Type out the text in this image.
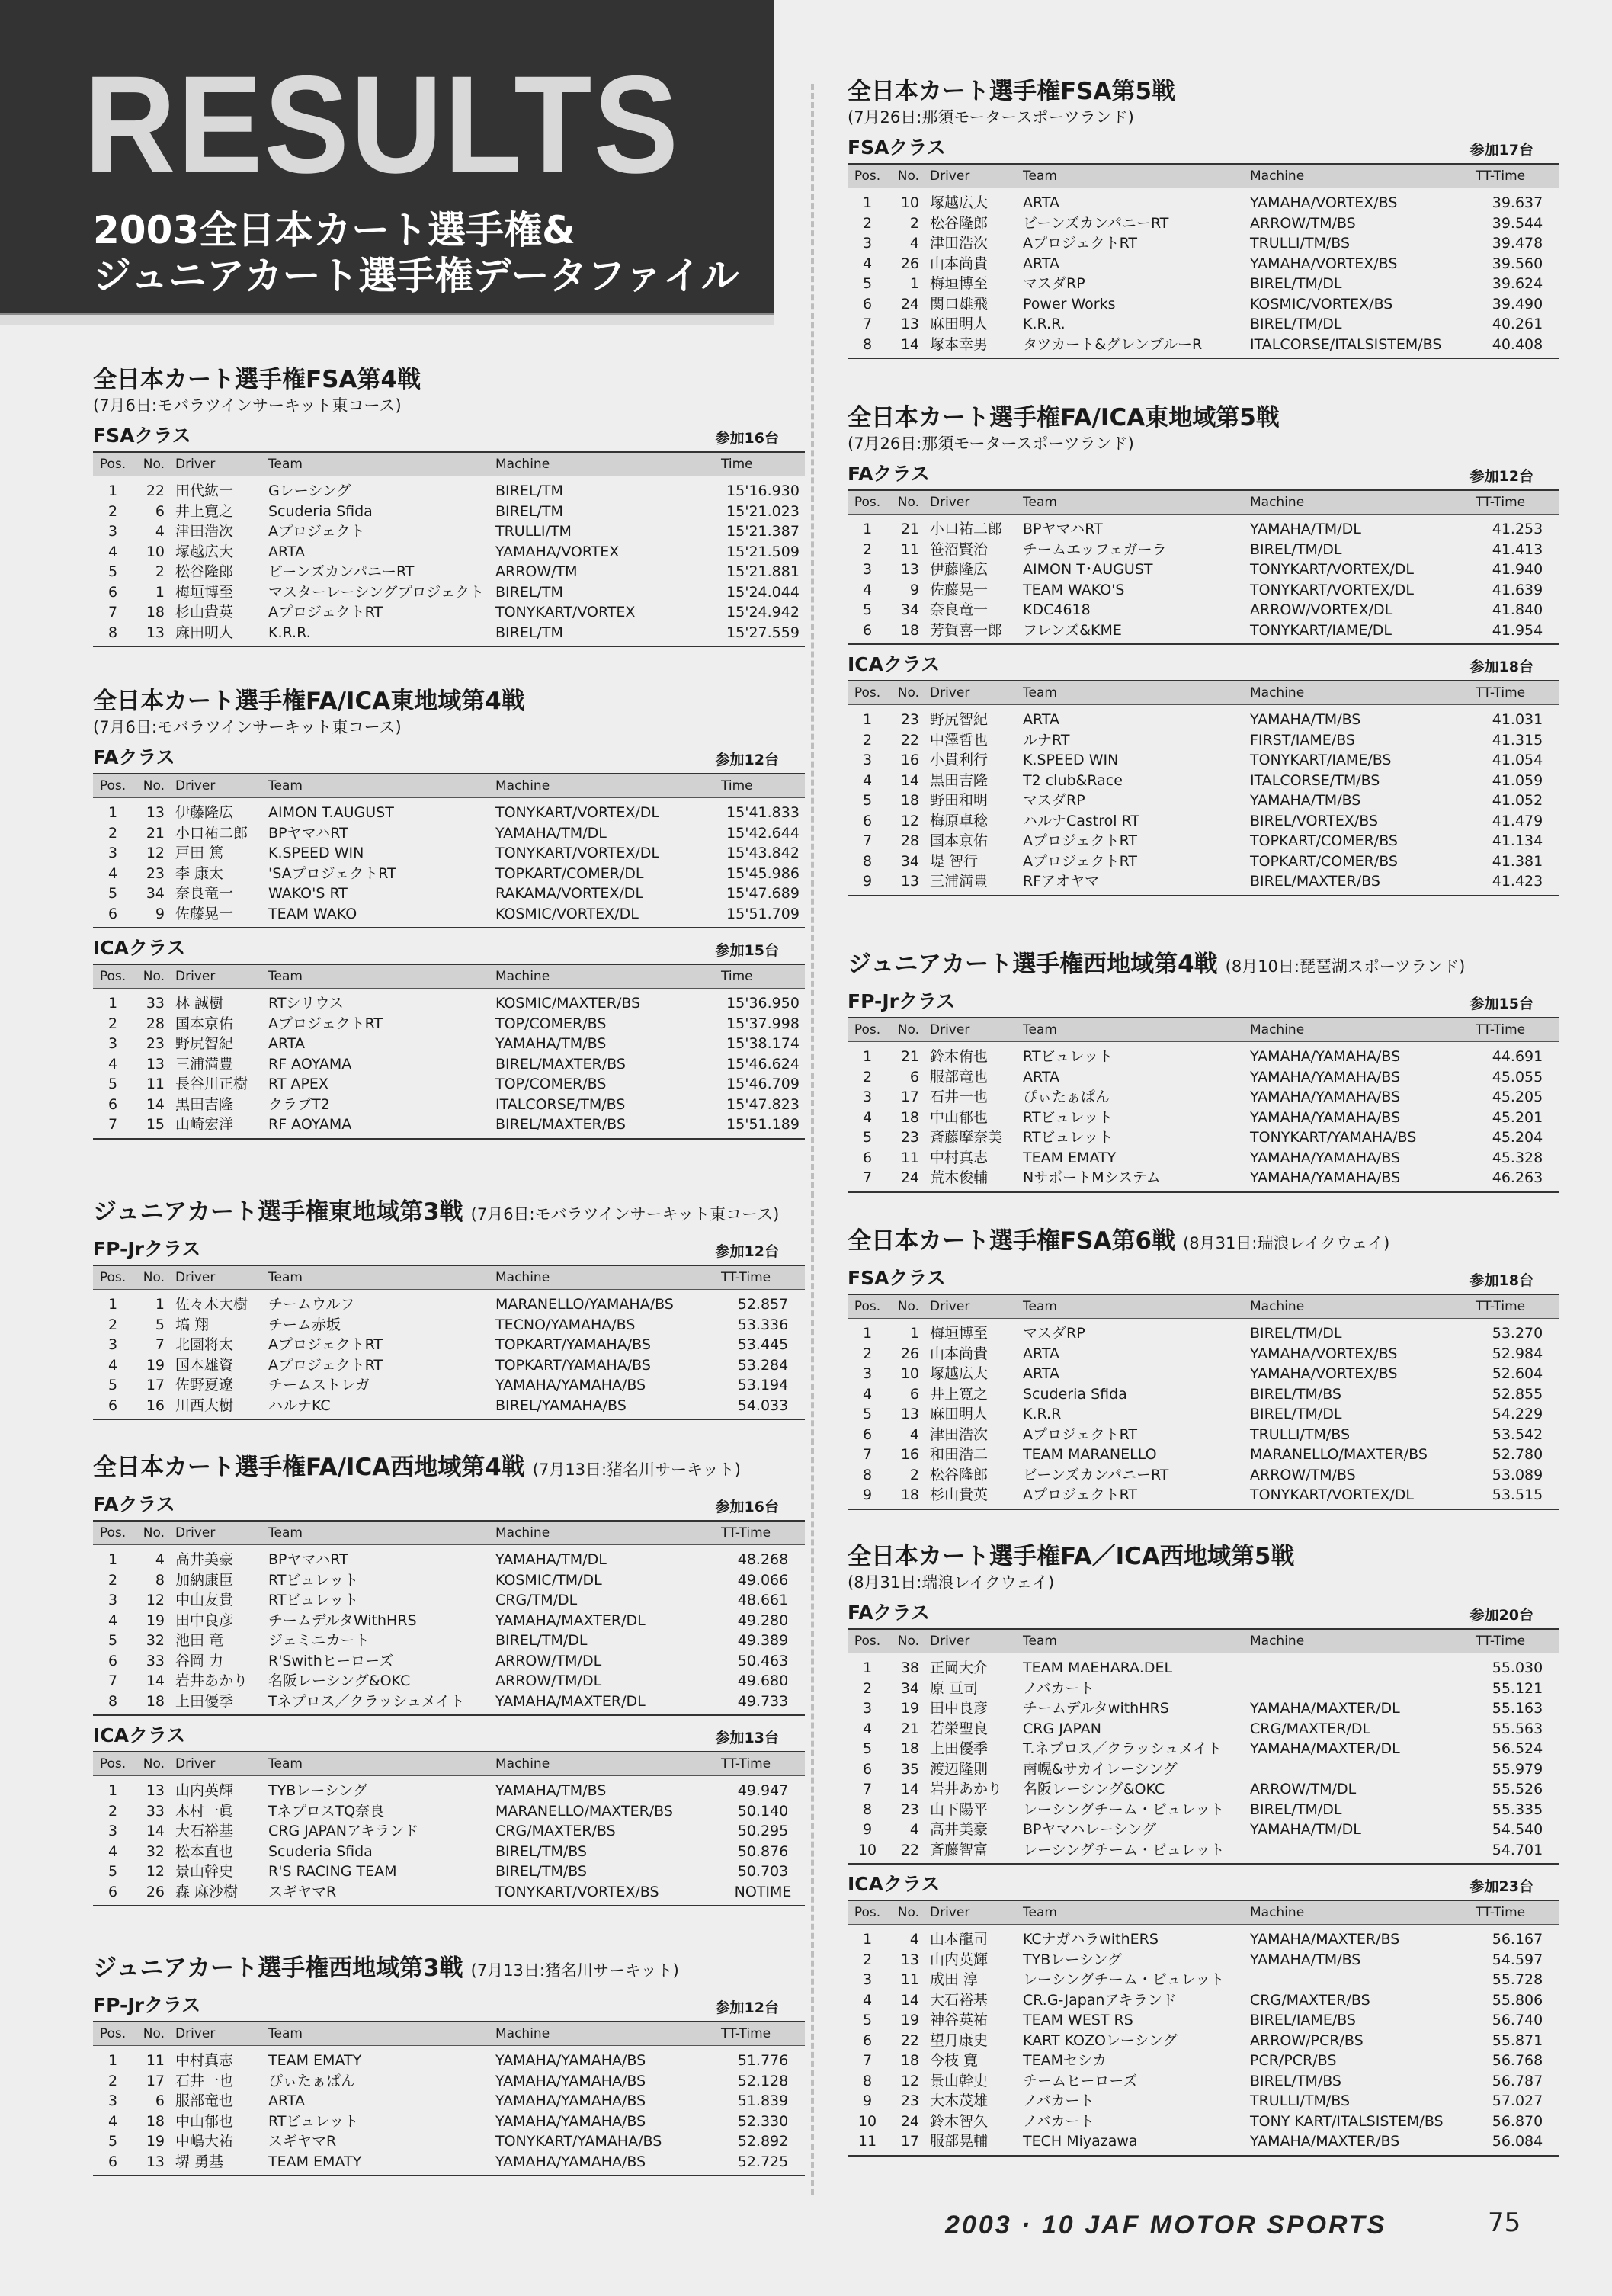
RESULTS
2003全日本カート選手権&
ジュニアカート選手権データファイル
全日本カート選手権FSA第4戦
(7月6日:モバラツインサーキット東コース)
FSAクラス	参加16台
Pos.	No.	Driver	Team	Machine	Time
1	22	田代紘一	Gレーシング	BIREL/TM	15'16.930
2	6	井上寛之	Scuderia Sfida	BIREL/TM	15'21.023
3	4	津田浩次	Aプロジェクト	TRULLI/TM	15'21.387
4	10	塚越広大	ARTA	YAMAHA/VORTEX	15'21.509
5	2	松谷隆郎	ビーンズカンパニーRT	ARROW/TM	15'21.881
6	1	梅垣博至	マスターレーシングプロジェクト	BIREL/TM	15'24.044
7	18	杉山貴英	AプロジェクトRT	TONYKART/VORTEX	15'24.942
8	13	麻田明人	K.R.R.	BIREL/TM	15'27.559
全日本カート選手権FA/ICA東地域第4戦
(7月6日:モバラツインサーキット東コース)
FAクラス	参加12台
Pos.	No.	Driver	Team	Machine	Time
1	13	伊藤隆広	AIMON T.AUGUST	TONYKART/VORTEX/DL	15'41.833
2	21	小口祐二郎	BPヤマハRT	YAMAHA/TM/DL	15'42.644
3	12	戸田 篤	K.SPEED WIN	TONYKART/VORTEX/DL	15'43.842
4	23	李 康太	'SAプロジェクトRT	TOPKART/COMER/DL	15'45.986
5	34	奈良竜一	WAKO'S RT	RAKAMA/VORTEX/DL	15'47.689
6	9	佐藤晃一	TEAM WAKO	KOSMIC/VORTEX/DL	15'51.709
ICAクラス	参加15台
Pos.	No.	Driver	Team	Machine	Time
1	33	林 誠樹	RTシリウス	KOSMIC/MAXTER/BS	15'36.950
2	28	国本京佑	AプロジェクトRT	TOP/COMER/BS	15'37.998
3	23	野尻智紀	ARTA	YAMAHA/TM/BS	15'38.174
4	13	三浦満豊	RF AOYAMA	BIREL/MAXTER/BS	15'46.624
5	11	長谷川正樹	RT APEX	TOP/COMER/BS	15'46.709
6	14	黒田吉隆	クラブT2	ITALCORSE/TM/BS	15'47.823
7	15	山崎宏洋	RF AOYAMA	BIREL/MAXTER/BS	15'51.189
ジュニアカート選手権東地域第3戦 (7月6日:モバラツインサーキット東コース)
FP-Jrクラス	参加12台
Pos.	No.	Driver	Team	Machine	TT-Time
1	1	佐々木大樹	チームウルフ	MARANELLO/YAMAHA/BS	52.857
2	5	塙 翔	チーム赤坂	TECNO/YAMAHA/BS	53.336
3	7	北園将太	AプロジェクトRT	TOPKART/YAMAHA/BS	53.445
4	19	国本雄資	AプロジェクトRT	TOPKART/YAMAHA/BS	53.284
5	17	佐野夏遼	チームストレガ	YAMAHA/YAMAHA/BS	53.194
6	16	川西大樹	ハルナKC	BIREL/YAMAHA/BS	54.033
全日本カート選手権FA/ICA西地域第4戦 (7月13日:猪名川サーキット)
FAクラス	参加16台
Pos.	No.	Driver	Team	Machine	TT-Time
1	4	高井美豪	BPヤマハRT	YAMAHA/TM/DL	48.268
2	8	加納康臣	RTビュレット	KOSMIC/TM/DL	49.066
3	12	中山友貴	RTビュレット	CRG/TM/DL	48.661
4	19	田中良彦	チームデルタWithHRS	YAMAHA/MAXTER/DL	49.280
5	32	池田 竜	ジェミニカート	BIREL/TM/DL	49.389
6	33	谷岡 力	R'Swithヒーローズ	ARROW/TM/DL	50.463
7	14	岩井あかり	名阪レーシング&OKC	ARROW/TM/DL	49.680
8	18	上田優季	Tネプロス／クラッシュメイト	YAMAHA/MAXTER/DL	49.733
ICAクラス	参加13台
Pos.	No.	Driver	Team	Machine	TT-Time
1	13	山内英輝	TYBレーシング	YAMAHA/TM/BS	49.947
2	33	木村一眞	TネプロスTQ奈良	MARANELLO/MAXTER/BS	50.140
3	14	大石裕基	CRG JAPANアキランド	CRG/MAXTER/BS	50.295
4	32	松本直也	Scuderia Sfida	BIREL/TM/BS	50.876
5	12	景山幹史	R'S RACING TEAM	BIREL/TM/BS	50.703
6	26	森 麻沙樹	スギヤマR	TONYKART/VORTEX/BS	NOTIME
ジュニアカート選手権西地域第3戦 (7月13日:猪名川サーキット)
FP-Jrクラス	参加12台
Pos.	No.	Driver	Team	Machine	TT-Time
1	11	中村真志	TEAM EMATY	YAMAHA/YAMAHA/BS	51.776
2	17	石井一也	ぴぃたぁぱん	YAMAHA/YAMAHA/BS	52.128
3	6	服部竜也	ARTA	YAMAHA/YAMAHA/BS	51.839
4	18	中山郁也	RTビュレット	YAMAHA/YAMAHA/BS	52.330
5	19	中嶋大祐	スギヤマR	TONYKART/YAMAHA/BS	52.892
6	13	堺 勇基	TEAM EMATY	YAMAHA/YAMAHA/BS	52.725
全日本カート選手権FSA第5戦
(7月26日:那須モータースポーツランド)
FSAクラス	参加17台
Pos.	No.	Driver	Team	Machine	TT-Time
1	10	塚越広大	ARTA	YAMAHA/VORTEX/BS	39.637
2	2	松谷隆郎	ビーンズカンパニーRT	ARROW/TM/BS	39.544
3	4	津田浩次	AプロジェクトRT	TRULLI/TM/BS	39.478
4	26	山本尚貴	ARTA	YAMAHA/VORTEX/BS	39.560
5	1	梅垣博至	マスダRP	BIREL/TM/DL	39.624
6	24	関口雄飛	Power Works	KOSMIC/VORTEX/BS	39.490
7	13	麻田明人	K.R.R.	BIREL/TM/DL	40.261
8	14	塚本幸男	タツカート&グレンブルーR	ITALCORSE/ITALSISTEM/BS	40.408
全日本カート選手権FA/ICA東地域第5戦
(7月26日:那須モータースポーツランド)
FAクラス	参加12台
Pos.	No.	Driver	Team	Machine	TT-Time
1	21	小口祐二郎	BPヤマハRT	YAMAHA/TM/DL	41.253
2	11	笹沼賢治	チームエッフェガーラ	BIREL/TM/DL	41.413
3	13	伊藤隆広	AIMON T･AUGUST	TONYKART/VORTEX/DL	41.940
4	9	佐藤晃一	TEAM WAKO'S	TONYKART/VORTEX/DL	41.639
5	34	奈良竜一	KDC4618	ARROW/VORTEX/DL	41.840
6	18	芳賀喜一郎	フレンズ&KME	TONYKART/IAME/DL	41.954
ICAクラス	参加18台
Pos.	No.	Driver	Team	Machine	TT-Time
1	23	野尻智紀	ARTA	YAMAHA/TM/BS	41.031
2	22	中澤哲也	ルナRT	FIRST/IAME/BS	41.315
3	16	小貫利行	K.SPEED WIN	TONYKART/IAME/BS	41.054
4	14	黒田吉隆	T2 club&Race	ITALCORSE/TM/BS	41.059
5	18	野田和明	マスダRP	YAMAHA/TM/BS	41.052
6	12	梅原卓稔	ハルナCastrol RT	BIREL/VORTEX/BS	41.479
7	28	国本京佑	AプロジェクトRT	TOPKART/COMER/BS	41.134
8	34	堤 智行	AプロジェクトRT	TOPKART/COMER/BS	41.381
9	13	三浦満豊	RFアオヤマ	BIREL/MAXTER/BS	41.423
ジュニアカート選手権西地域第4戦 (8月10日:琵琶湖スポーツランド)
FP-Jrクラス	参加15台
Pos.	No.	Driver	Team	Machine	TT-Time
1	21	鈴木侑也	RTビュレット	YAMAHA/YAMAHA/BS	44.691
2	6	服部竜也	ARTA	YAMAHA/YAMAHA/BS	45.055
3	17	石井一也	ぴぃたぁぱん	YAMAHA/YAMAHA/BS	45.205
4	18	中山郁也	RTビュレット	YAMAHA/YAMAHA/BS	45.201
5	23	斎藤摩奈美	RTビュレット	TONYKART/YAMAHA/BS	45.204
6	11	中村真志	TEAM EMATY	YAMAHA/YAMAHA/BS	45.328
7	24	荒木俊輔	NサポートMシステム	YAMAHA/YAMAHA/BS	46.263
全日本カート選手権FSA第6戦 (8月31日:瑞浪レイクウェイ)
FSAクラス	参加18台
Pos.	No.	Driver	Team	Machine	TT-Time
1	1	梅垣博至	マスダRP	BIREL/TM/DL	53.270
2	26	山本尚貴	ARTA	YAMAHA/VORTEX/BS	52.984
3	10	塚越広大	ARTA	YAMAHA/VORTEX/BS	52.604
4	6	井上寛之	Scuderia Sfida	BIREL/TM/BS	52.855
5	13	麻田明人	K.R.R	BIREL/TM/DL	54.229
6	4	津田浩次	AプロジェクトRT	TRULLI/TM/BS	53.542
7	16	和田浩二	TEAM MARANELLO	MARANELLO/MAXTER/BS	52.780
8	2	松谷隆郎	ビーンズカンパニーRT	ARROW/TM/BS	53.089
9	18	杉山貴英	AプロジェクトRT	TONYKART/VORTEX/DL	53.515
全日本カート選手権FA／ICA西地域第5戦
(8月31日:瑞浪レイクウェイ)
FAクラス	参加20台
Pos.	No.	Driver	Team	Machine	TT-Time
1	38	正岡大介	TEAM MAEHARA.DEL		55.030
2	34	原 亘司	ノバカート		55.121
3	19	田中良彦	チームデルタwithHRS	YAMAHA/MAXTER/DL	55.163
4	21	若栄聖良	CRG JAPAN	CRG/MAXTER/DL	55.563
5	18	上田優季	T.ネプロス／クラッシュメイト	YAMAHA/MAXTER/DL	56.524
6	35	渡辺隆則	南幌&サカイレーシング		55.979
7	14	岩井あかり	名阪レーシング&OKC	ARROW/TM/DL	55.526
8	23	山下陽平	レーシングチーム・ビュレット	BIREL/TM/DL	55.335
9	4	高井美豪	BPヤマハレーシング	YAMAHA/TM/DL	54.540
10	22	斉藤智富	レーシングチーム・ビュレット		54.701
ICAクラス	参加23台
Pos.	No.	Driver	Team	Machine	TT-Time
1	4	山本龍司	KCナガハラwithERS	YAMAHA/MAXTER/BS	56.167
2	13	山内英輝	TYBレーシング	YAMAHA/TM/BS	54.597
3	11	成田 淳	レーシングチーム・ビュレット		55.728
4	14	大石裕基	CR.G-Japanアキランド	CRG/MAXTER/BS	55.806
5	19	神谷英祐	TEAM WEST RS	BIREL/IAME/BS	56.740
6	22	望月康史	KART KOZOレーシング	ARROW/PCR/BS	55.871
7	18	今枝 寛	TEAMセシカ	PCR/PCR/BS	56.768
8	12	景山幹史	チームヒーローズ	BIREL/TM/BS	56.787
9	23	大木茂雄	ノバカート	TRULLI/TM/BS	57.027
10	24	鈴木智久	ノバカート	TONY KART/ITALSISTEM/BS	56.870
11	17	服部晃輔	TECH Miyazawa	YAMAHA/MAXTER/BS	56.084
2003 · 10 JAF MOTOR SPORTS	75
